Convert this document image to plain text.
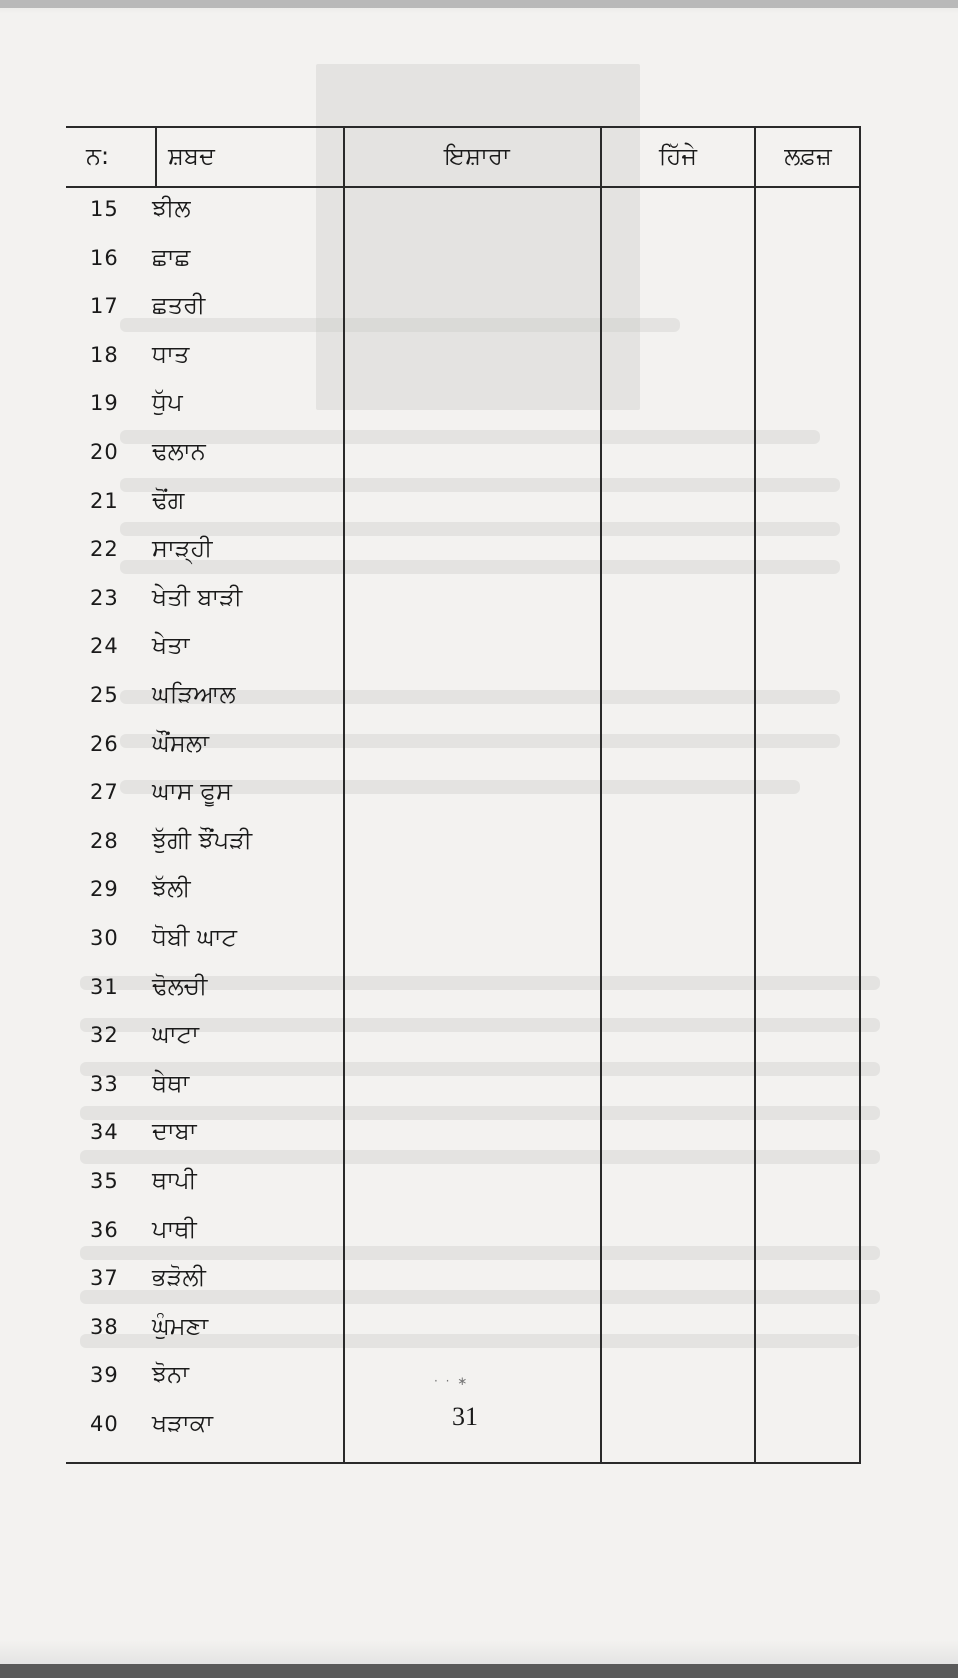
ਨ: ਸ਼ਬਦ	ਇਸ਼ਾਰਾ	ਹਿੱਜੇ	ਲਫ਼ਜ਼
15 ਝੀਲ
16 ਛਾਛ
17 ਛਤਰੀ
18 ਧਾਤ
19 ਧੁੱਪ
20 ਢਲਾਨ
21 ਢੋਂਗ
22 ਸਾੜ੍ਹੀ
23 ਖੇਤੀ ਬਾੜੀ
24 ਖੇਤਾ
25 ਘੜਿਆਲ
26 ਘੌਂਸਲਾ
27 ਘਾਸ ਫੂਸ
28 ਝੁੱਗੀ ਝੌਂਪੜੀ
29 ਝੱਲੀ
30 ਧੋਬੀ ਘਾਟ
31 ਢੋਲਚੀ
32 ਘਾਟਾ
33 ਥੇਥਾ
34 ਦਾਬਾ
35 ਥਾਪੀ
36 ਪਾਥੀ
37 ਭੜੋਲੀ
38 ਘੁੰਮਣਾ
39 ਝੋਨਾ
40 ਖੜਾਕਾ
· · ∗
31
